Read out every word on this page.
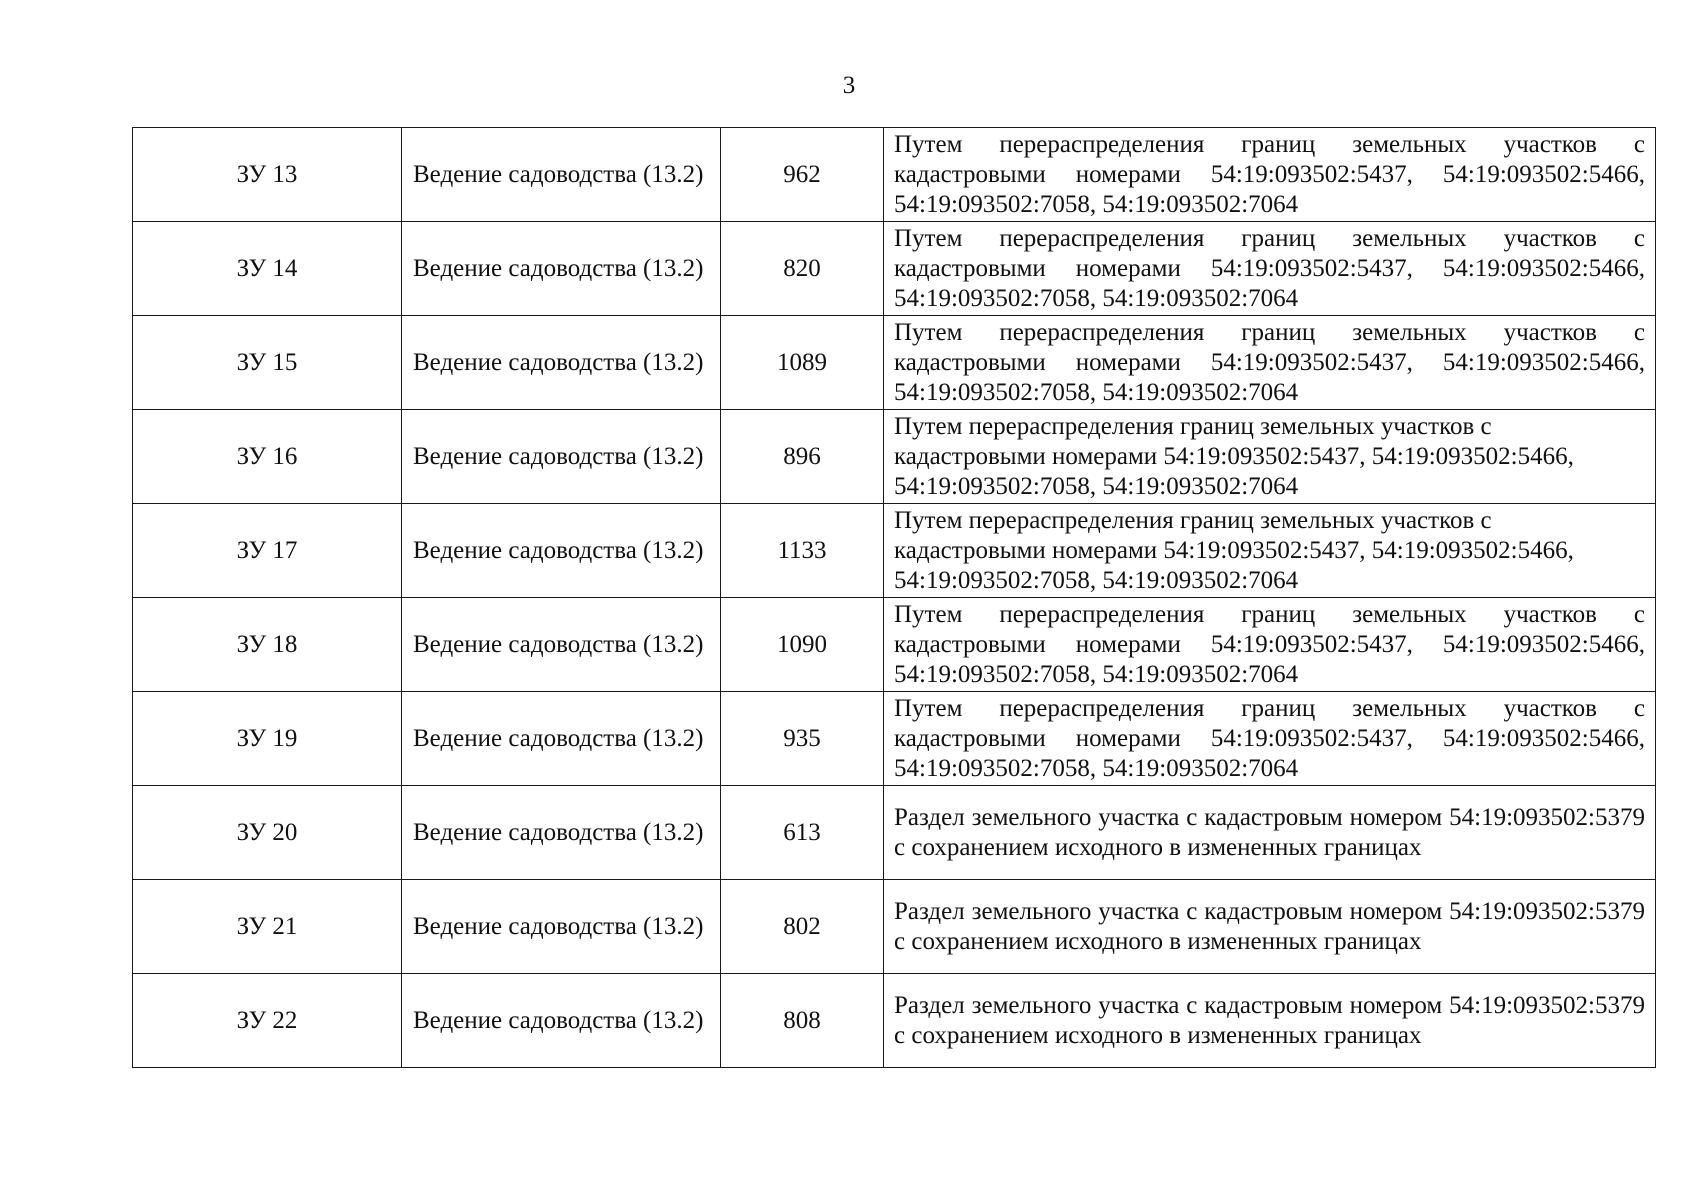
3
ЗУ 13	Ведение садоводства (13.2)	962	Путем перераспределения границ земельных участков с кадастровыми номерами 54:19:093502:5437, 54:19:093502:5466, 54:19:093502:7058, 54:19:093502:7064
ЗУ 14	Ведение садоводства (13.2)	820	Путем перераспределения границ земельных участков с кадастровыми номерами 54:19:093502:5437, 54:19:093502:5466, 54:19:093502:7058, 54:19:093502:7064
ЗУ 15	Ведение садоводства (13.2)	1089	Путем перераспределения границ земельных участков с кадастровыми номерами 54:19:093502:5437, 54:19:093502:5466, 54:19:093502:7058, 54:19:093502:7064
ЗУ 16	Ведение садоводства (13.2)	896	Путем перераспределения границ земельных участков с кадастровыми номерами 54:19:093502:5437, 54:19:093502:5466, 54:19:093502:7058, 54:19:093502:7064
ЗУ 17	Ведение садоводства (13.2)	1133	Путем перераспределения границ земельных участков с кадастровыми номерами 54:19:093502:5437, 54:19:093502:5466, 54:19:093502:7058, 54:19:093502:7064
ЗУ 18	Ведение садоводства (13.2)	1090	Путем перераспределения границ земельных участков с кадастровыми номерами 54:19:093502:5437, 54:19:093502:5466, 54:19:093502:7058, 54:19:093502:7064
ЗУ 19	Ведение садоводства (13.2)	935	Путем перераспределения границ земельных участков с кадастровыми номерами 54:19:093502:5437, 54:19:093502:5466, 54:19:093502:7058, 54:19:093502:7064
ЗУ 20	Ведение садоводства (13.2)	613	Раздел земельного участка с кадастровым номером 54:19:093502:5379 с сохранением исходного в измененных границах
ЗУ 21	Ведение садоводства (13.2)	802	Раздел земельного участка с кадастровым номером 54:19:093502:5379 с сохранением исходного в измененных границах
ЗУ 22	Ведение садоводства (13.2)	808	Раздел земельного участка с кадастровым номером 54:19:093502:5379 с сохранением исходного в измененных границах
